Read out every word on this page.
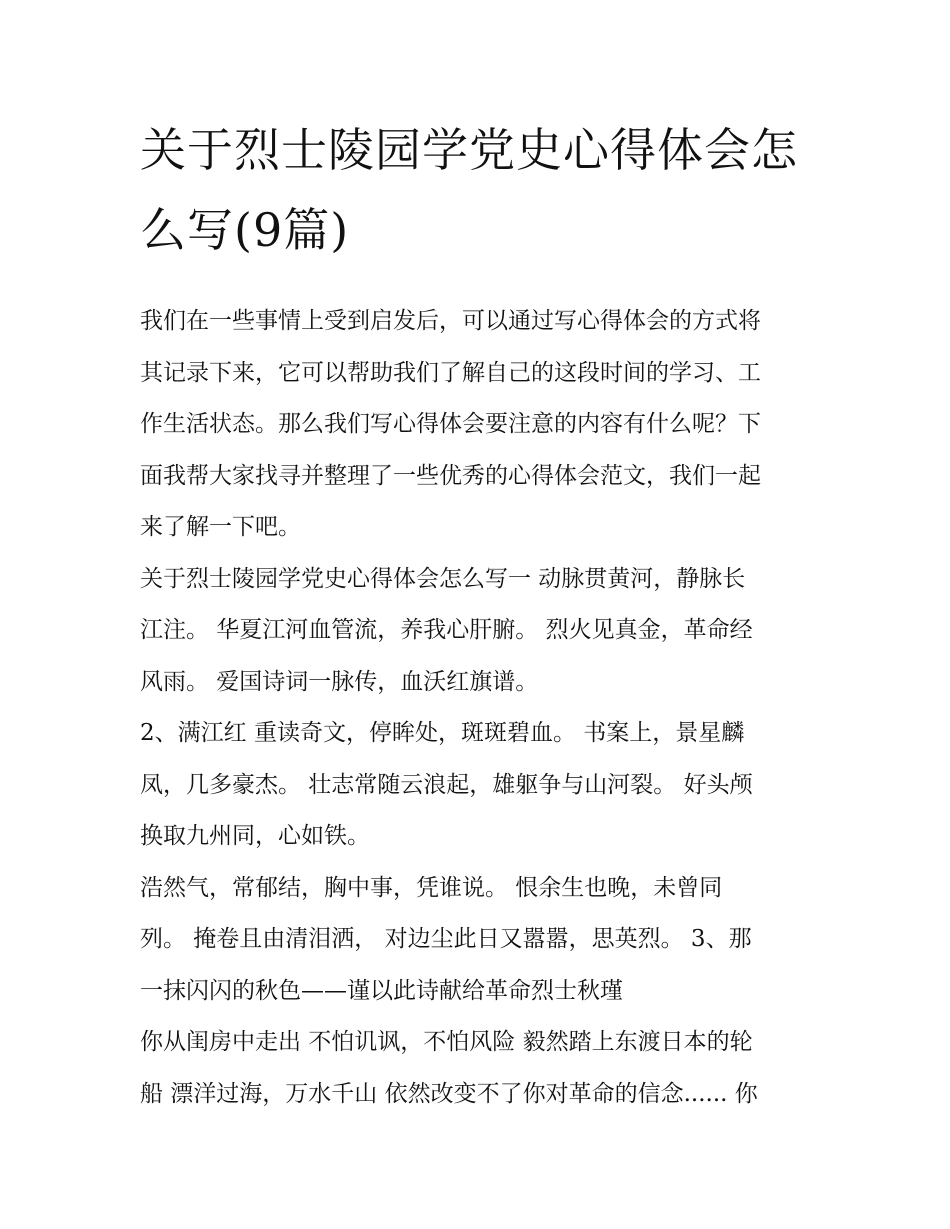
关于烈士陵园学党史心得体会怎么写(9篇)

我们在一些事情上受到启发后，可以通过写心得体会的方式将
其记录下来，它可以帮助我们了解自己的这段时间的学习、工
作生活状态。那么我们写心得体会要注意的内容有什么呢？下
面我帮大家找寻并整理了一些优秀的心得体会范文，我们一起
来了解一下吧。

关于烈士陵园学党史心得体会怎么写一 动脉贯黄河，静脉长
江注。 华夏江河血管流，养我心肝腑。 烈火见真金，革命经
风雨。 爱国诗词一脉传，血沃红旗谱。

2、满江红 重读奇文，停眸处，斑斑碧血。 书案上，景星麟
凤，几多豪杰。 壮志常随云浪起，雄躯争与山河裂。 好头颅
换取九州同，心如铁。

浩然气，常郁结，胸中事，凭谁说。 恨余生也晚，未曾同
列。 掩卷且由清泪洒， 对边尘此日又嚣嚣，思英烈。 3、那
一抹闪闪的秋色——谨以此诗献给革命烈士秋瑾

你从闺房中走出 不怕讥讽，不怕风险 毅然踏上东渡日本的轮
船 漂洋过海，万水千山 依然改变不了你对革命的信念...... 你
